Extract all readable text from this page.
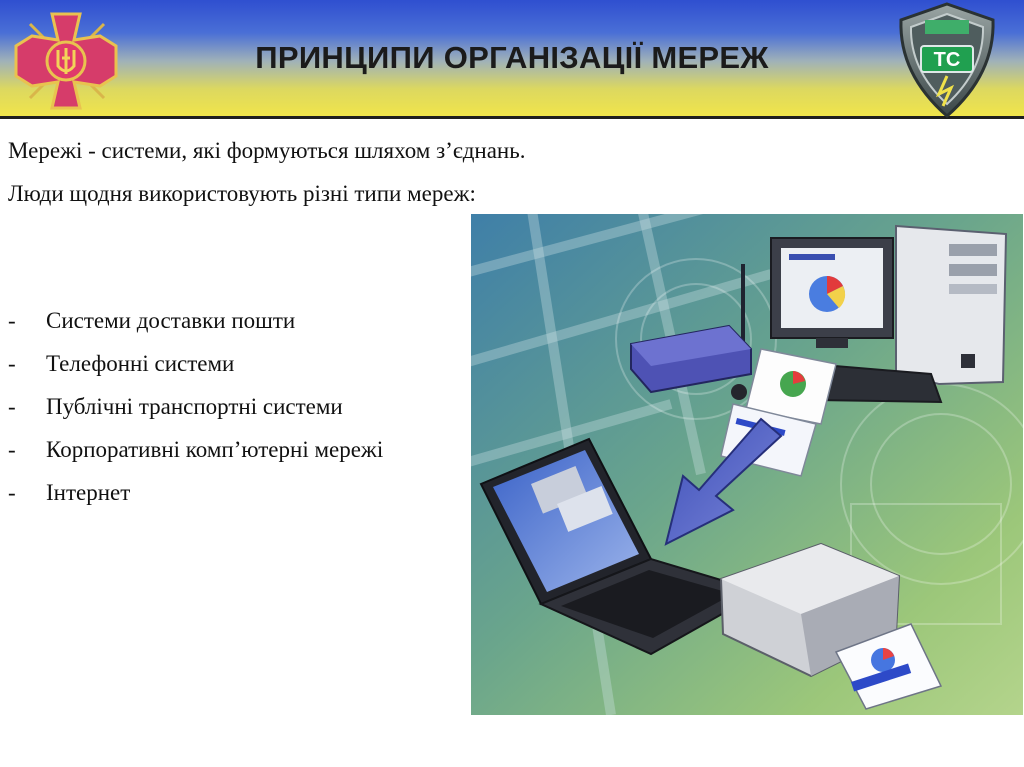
ПРИНЦИПИ ОРГАНІЗАЦІЇ МЕРЕЖ	ТС
Мережі - системи, які формуються шляхом з’єднань.
Люди щодня використовують різні типи мереж:
-	Системи доставки пошти
-	Телефонні системи
-	Публічні транспортні системи
-	Корпоративні комп’ютерні мережі
-	Інтернет
